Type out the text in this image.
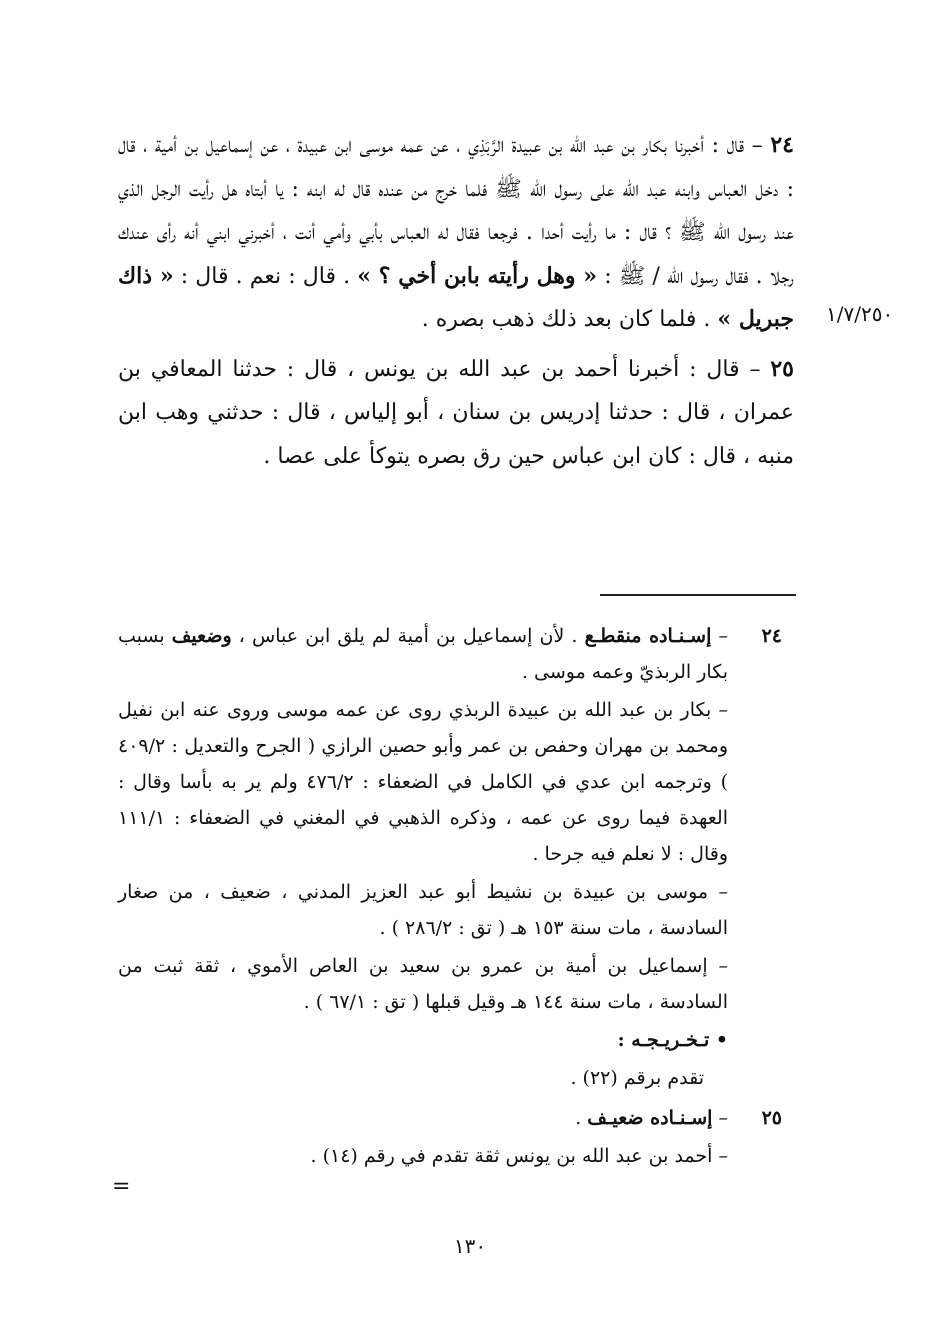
٢٤ – قال : أخبرنا بكار بن عبد الله بن عبيدة الرَّبَذِي ، عن عمه موسى ابن عبيدة ، عن إسماعيل بن أمية ، قال : دخل العباس وابنه عبد الله على رسول الله ﷺ فلما خرج من عنده قال له ابنه : يا أبتاه هل رأيت الرجل الذي عند رسول الله ﷺ ؟ قال : ما رأيت أحدا . فرجعا فقال له العباس بأبي وأمي أنت ، أخبرني ابني أنه رأى عندك رجلا . فقال رسول الله / ﷺ : « وهل رأيته بابن أخي ؟ » . قال : نعم . قال : « ذاك جبريل » . فلما كان بعد ذلك ذهب بصره .

٢٥ – قال : أخبرنا أحمد بن عبد الله بن يونس ، قال : حدثنا المعافي بن عمران ، قال : حدثنا إدريس بن سنان ، أبو إلياس ، قال : حدثني وهب ابن منبه ، قال : كان ابن عباس حين رق بصره يتوكأ على عصا .

١/٧/٢٥٠

٢٤
– إسـنـاده منقطـع . لأن إسماعيل بن أمية لم يلق ابن عباس ، وضعيف بسبب بكار الربذيّ وعمه موسى .

– بكار بن عبد الله بن عبيدة الربذي روى عن عمه موسى وروى عنه ابن نفيل ومحمد بن مهران وحفص بن عمر وأبو حصين الرازي ( الجرح والتعديل : ٤٠٩/٢ ) وترجمه ابن عدي في الكامل في الضعفاء : ٤٧٦/٢ ولم ير به بأسا وقال : العهدة فيما روى عن عمه ، وذكره الذهبي في المغني في الضعفاء : ١١١/١ وقال : لا نعلم فيه جرحا .

– موسى بن عبيدة بن نشيط أبو عبد العزيز المدني ، ضعيف ، من صغار السادسة ، مات سنة ١٥٣ هـ ( تق : ٢٨٦/٢ ) .

– إسماعيل بن أمية بن عمرو بن سعيد بن العاص الأموي ، ثقة ثبت من السادسة ، مات سنة ١٤٤ هـ وقيل قبلها ( تق : ٦٧/١ ) .

• تـخـريـجـه :

تقدم برقم (٢٢) .

٢٥
– إسـنـاده ضعيـف .

– أحمد بن عبد الله بن يونس ثقة تقدم في رقم (١٤) .

=
١٣٠
